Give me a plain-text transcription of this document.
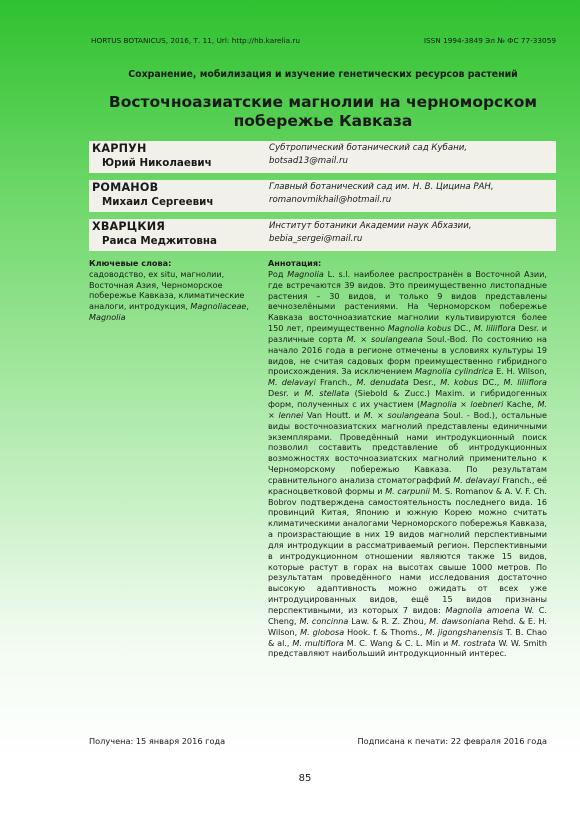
HORTUS BOTANICUS, 2016, Т. 11, Url: http://hb.karelia.ru	ISSN 1994-3849 Эл № ФС 77-33059
Сохранение, мобилизация и изучение генетических ресурсов растений
Восточноазиатские магнолии на черноморском побережье Кавказа
КАРПУН
Юрий Николаевич
Субтропический ботанический сад Кубани,
botsad13@mail.ru
РОМАНОВ
Михаил Сергеевич
Главный ботанический сад им. Н. В. Цицина РАН,
romanovmikhail@hotmail.ru
ХВАРЦКИЯ
Раиса Меджитовна
Институт ботаники Академии наук Абхазии,
bebia_sergei@mail.ru
Ключевые слова:
садоводство, ex situ, магнолии, Восточная Азия, Черноморское побережье Кавказа, климатические аналоги, интродукция, Magnoliaceae, Magnolia
Аннотация:
Род Magnolia L. s.l. наиболее распространён в Восточной Азии, где встречаются 39 видов. Это преимущественно листопадные растения – 30 видов, и только 9 видов представлены вечнозелёными растениями. На Черноморском побережье Кавказа восточноазиатские магнолии культивируются более 150 лет, преимущественно Magnolia kobus DC., M. liliiflora Desr. и различные сорта M. × soulangeana Soul.-Bod. По состоянию на начало 2016 года в регионе отмечены в условиях культуры 19 видов, не считая садовых форм преимущественно гибридного происхождения. За исключением Magnolia cylindrica E. H. Wilson, M. delavayi Franch., M. denudata Desr., M. kobus DC., M. liliiflora Desr. и M. stellata (Siebold & Zucc.) Maxim. и гибридогенных форм, полученных с их участием (Magnolia × loebneri Kache, M. × lennei Van Houtt. и M. × soulangeana Soul. - Bod.), остальные виды восточноазиатских магнолий представлены единичными экземплярами. Проведённый нами интродукционный поиск позволил составить представление об интродукционных возможностях восточноазиатских магнолий применительно к Черноморскому побережью Кавказа. По результатам сравнительного анализа стоматограффий M. delavayi Franch., её красноцветковой формы и M. carpunii M. S. Romanov & A. V. F. Ch. Bobrov подтверждена самостоятельность последнего вида. 16 провинций Китая, Японию и южную Корею можно считать климатическими аналогами Черноморского побережья Кавказа, а произрастающие в них 19 видов магнолий перспективными для интродукции в рассматриваемый регион. Перспективными в интродукционном отношении являются также 15 видов, которые растут в горах на высотах свыше 1000 метров. По результатам проведённого нами исследования достаточно высокую адаптивность можно ожидать от всех уже интродуцированных видов, ещё 15 видов признаны перспективными, из которых 7 видов: Magnolia amoena W. C. Cheng, M. concinna Law. & R. Z. Zhou, M. dawsoniana Rehd. & E. H. Wilson, M. globosa Hook. f. & Thoms., M. jigongshanensis T. B. Chao & al., M. multiflora M. C. Wang & C. L. Min и M. rostrata W. W. Smith представляют наибольший интродукционный интерес.
Получена: 15 января 2016 года	Подписана к печати: 22 февраля 2016 года
85
